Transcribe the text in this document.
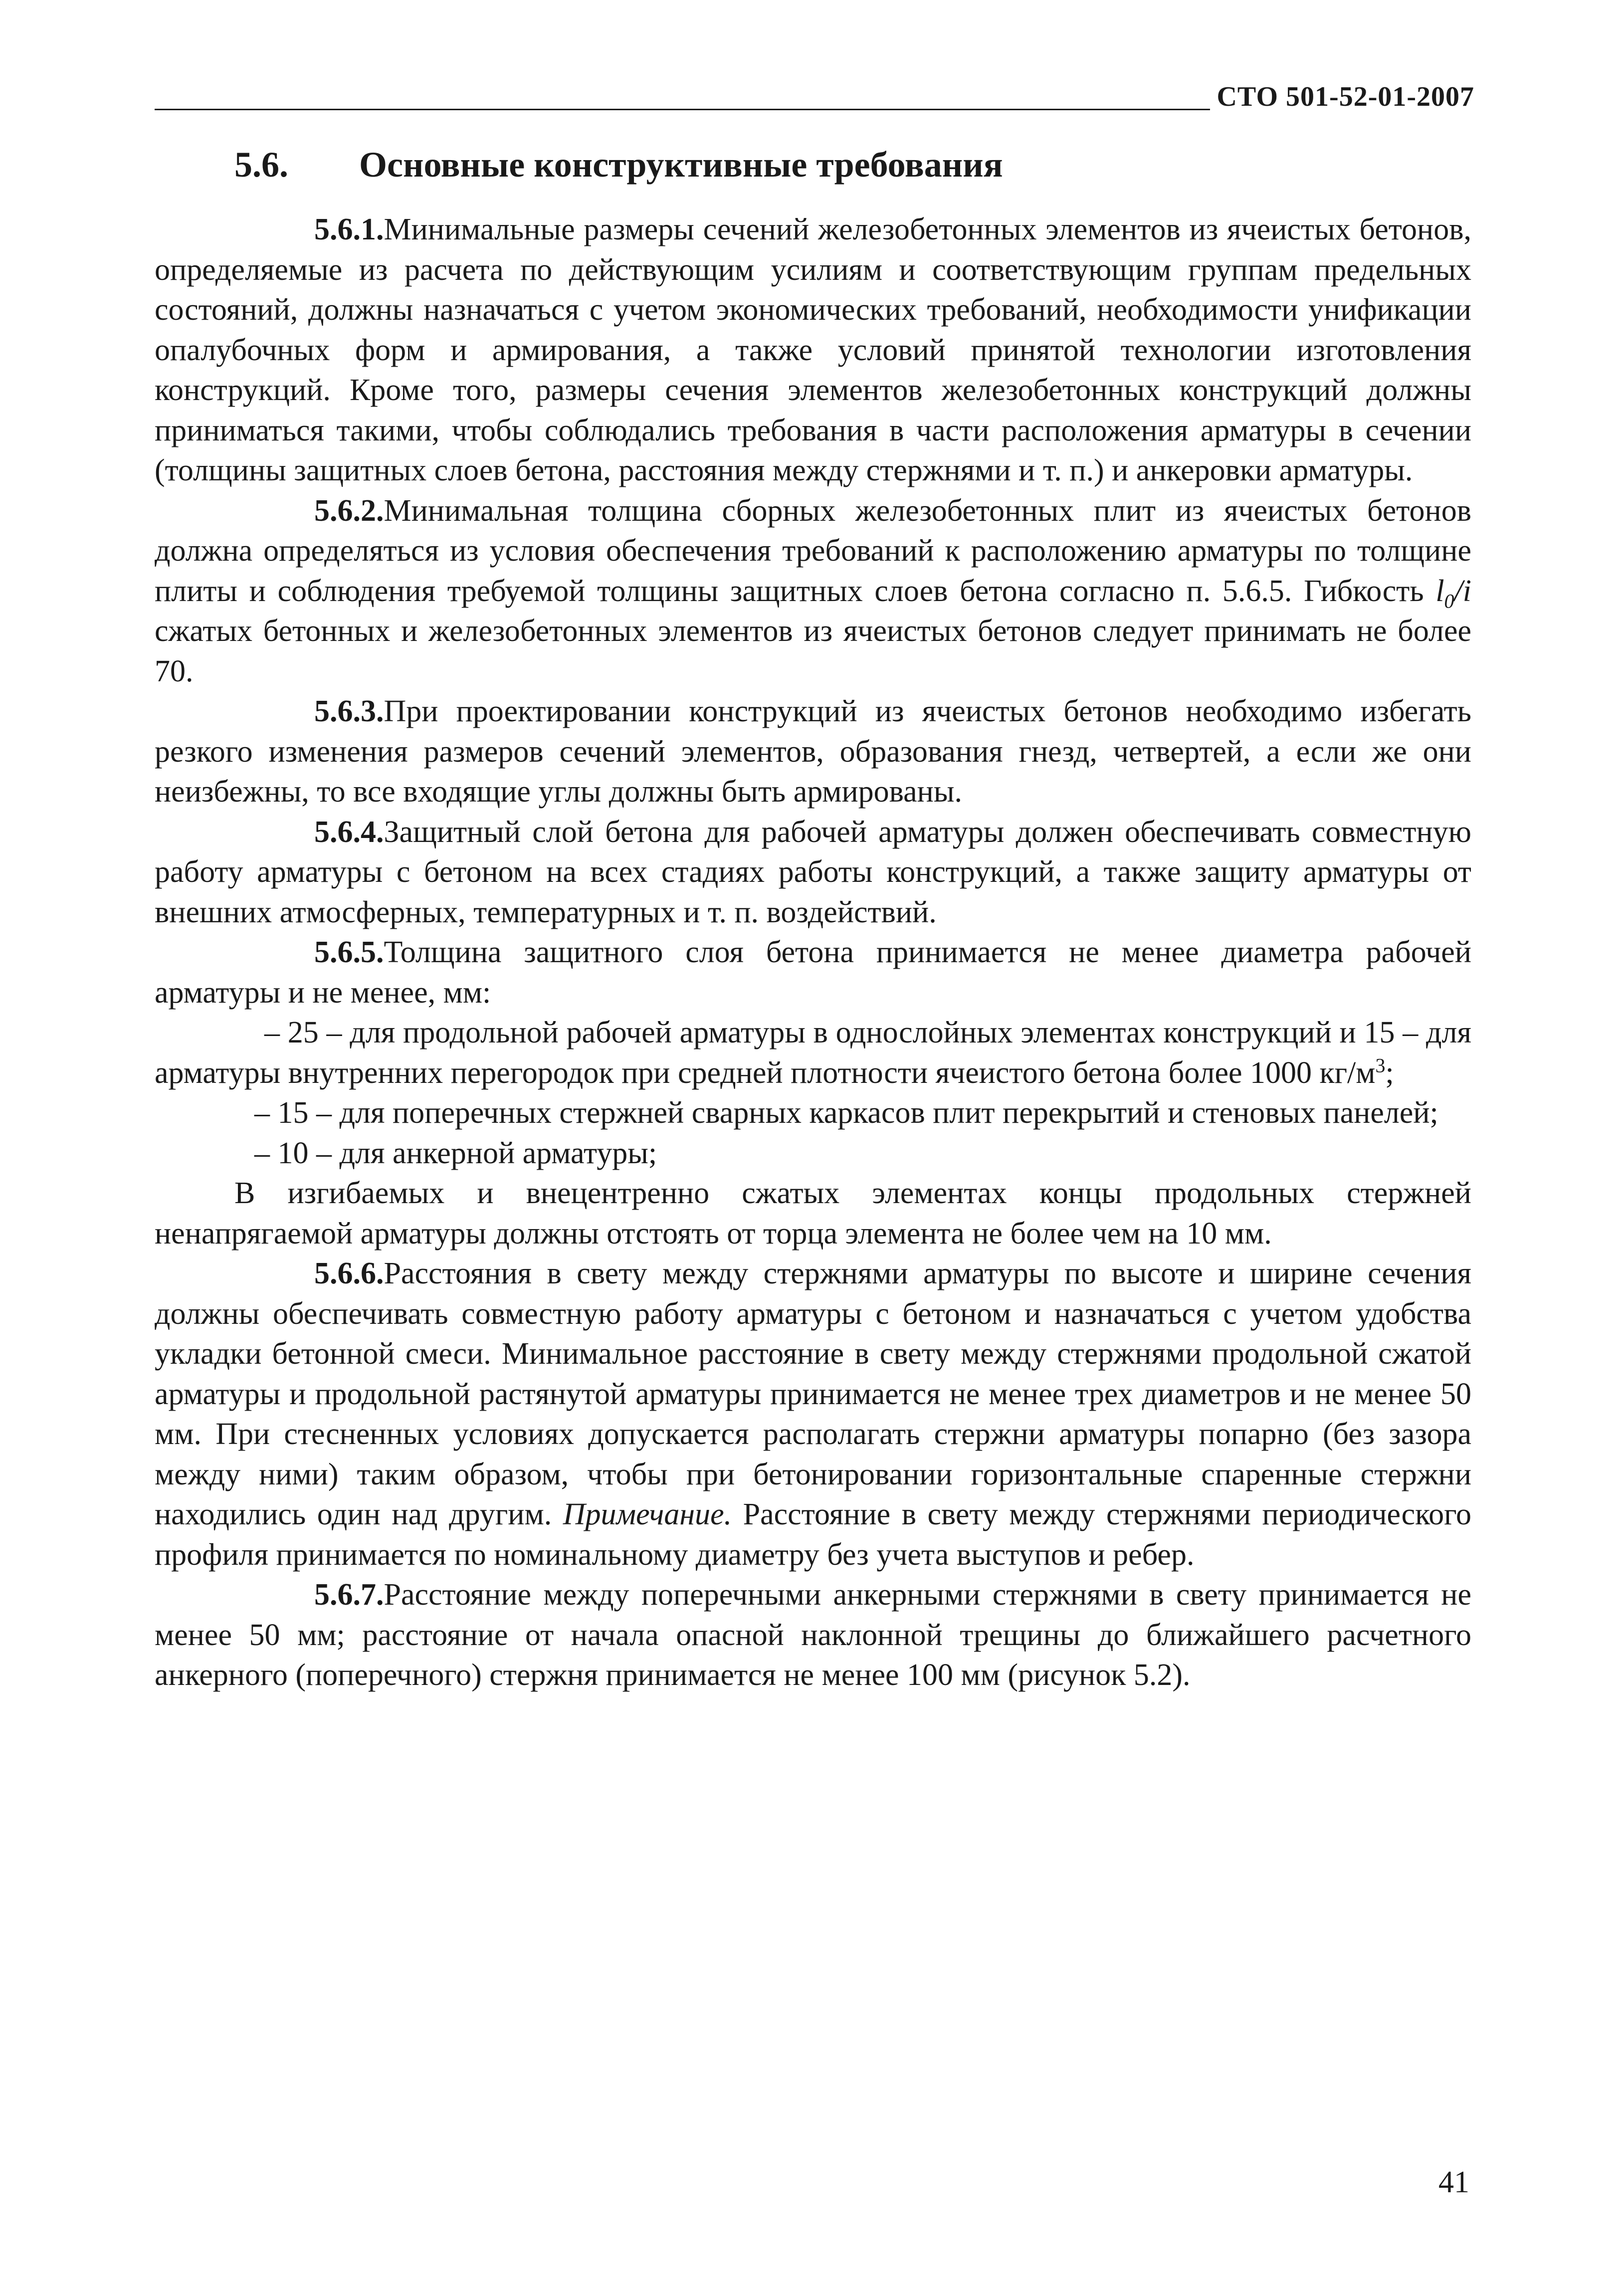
СТО 501-52-01-2007
5.6. Основные конструктивные требования

5.6.1.Минимальные размеры сечений железобетонных элементов из ячеистых бетонов, определяемые из расчета по действующим усилиям и соответствующим группам предельных состояний, должны назначаться с учетом экономических требований, необходимости унификации опалубочных форм и армирования, а также условий принятой технологии изготовления конструкций. Кроме того, размеры сечения элементов железобетонных конструкций должны приниматься такими, чтобы соблюдались требования в части расположения арматуры в сечении (толщины защитных слоев бетона, расстояния между стержнями и т. п.) и анкеровки арматуры.

5.6.2.Минимальная толщина сборных железобетонных плит из ячеистых бетонов должна определяться из условия обеспечения требований к расположению арматуры по толщине плиты и соблюдения требуемой толщины защитных слоев бетона согласно п. 5.6.5. Гибкость $l_0/i$ сжатых бетонных и железобетонных элементов из ячеистых бетонов следует принимать не более 70.

5.6.3.При проектировании конструкций из ячеистых бетонов необходимо избегать резкого изменения размеров сечений элементов, образования гнезд, четвертей, а если же они неизбежны, то все входящие углы должны быть армированы.

5.6.4.Защитный слой бетона для рабочей арматуры должен обеспечивать совместную работу арматуры с бетоном на всех стадиях работы конструкций, а также защиту арматуры от внешних атмосферных, температурных и т. п. воздействий.

5.6.5.Толщина защитного слоя бетона принимается не менее диаметра рабочей арматуры и не менее, мм:

– 25 – для продольной рабочей арматуры в однослойных элементах конструкций и 15 – для арматуры внутренних перегородок при средней плотности ячеистого бетона более 1000 $кг/м^3$;

– 15 – для поперечных стержней сварных каркасов плит перекрытий и стеновых панелей;

– 10 – для анкерной арматуры;

В изгибаемых и внецентренно сжатых элементах концы продольных стержней ненапрягаемой арматуры должны отстоять от торца элемента не более чем на 10 мм.

5.6.6.Расстояния в свету между стержнями арматуры по высоте и ширине сечения должны обеспечивать совместную работу арматуры с бетоном и назначаться с учетом удобства укладки бетонной смеси. Минимальное расстояние в свету между стержнями продольной сжатой арматуры и продольной растянутой арматуры принимается не менее трех диаметров и не менее 50 мм. При стесненных условиях допускается располагать стержни арматуры попарно (без зазора между ними) таким образом, чтобы при бетонировании горизонтальные спаренные стержни находились один над другим. Примечание. Расстояние в свету между стержнями периодического профиля принимается по номинальному диаметру без учета выступов и ребер.

5.6.7.Расстояние между поперечными анкерными стержнями в свету принимается не менее 50 мм; расстояние от начала опасной наклонной трещины до ближайшего расчетного анкерного (поперечного) стержня принимается не менее 100 мм (рисунок 5.2).

41
